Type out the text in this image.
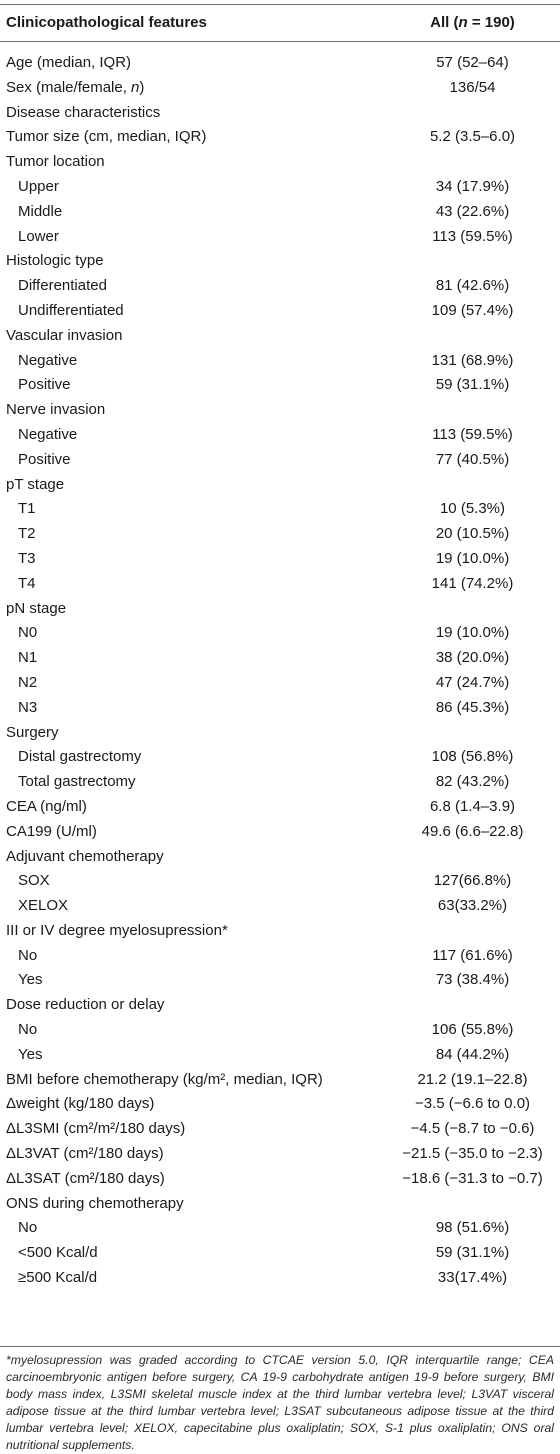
Clinicopathological features	All (n = 190)
Age (median, IQR)	57 (52–64)
Sex (male/female, n)	136/54
Disease characteristics
Tumor size (cm, median, IQR)	5.2 (3.5–6.0)
Tumor location
Upper	34 (17.9%)
Middle	43 (22.6%)
Lower	113 (59.5%)
Histologic type
Differentiated	81 (42.6%)
Undifferentiated	109 (57.4%)
Vascular invasion
Negative	131 (68.9%)
Positive	59 (31.1%)
Nerve invasion
Negative	113 (59.5%)
Positive	77 (40.5%)
pT stage
T1	10 (5.3%)
T2	20 (10.5%)
T3	19 (10.0%)
T4	141 (74.2%)
pN stage
N0	19 (10.0%)
N1	38 (20.0%)
N2	47 (24.7%)
N3	86 (45.3%)
Surgery
Distal gastrectomy	108 (56.8%)
Total gastrectomy	82 (43.2%)
CEA (ng/ml)	6.8 (1.4–3.9)
CA199 (U/ml)	49.6 (6.6–22.8)
Adjuvant chemotherapy
SOX	127(66.8%)
XELOX	63(33.2%)
III or IV degree myelosupression*
No	117 (61.6%)
Yes	73 (38.4%)
Dose reduction or delay
No	106 (55.8%)
Yes	84 (44.2%)
BMI before chemotherapy (kg/m², median, IQR)	21.2 (19.1–22.8)
Δweight (kg/180 days)	−3.5 (−6.6 to 0.0)
ΔL3SMI (cm²/m²/180 days)	−4.5 (−8.7 to −0.6)
ΔL3VAT (cm²/180 days)	−21.5 (−35.0 to −2.3)
ΔL3SAT (cm²/180 days)	−18.6 (−31.3 to −0.7)
ONS during chemotherapy
No	98 (51.6%)
<500 Kcal/d	59 (31.1%)
≥500 Kcal/d	33(17.4%)
*myelosupression was graded according to CTCAE version 5.0, IQR interquartile range; CEA carcinoembryonic antigen before surgery, CA 19-9 carbohydrate antigen 19-9 before surgery, BMI body mass index, L3SMI skeletal muscle index at the third lumbar vertebra level; L3VAT visceral adipose tissue at the third lumbar vertebra level; L3SAT subcutaneous adipose tissue at the third lumbar vertebra level; XELOX, capecitabine plus oxaliplatin; SOX, S-1 plus oxaliplatin; ONS oral nutritional supplements.
